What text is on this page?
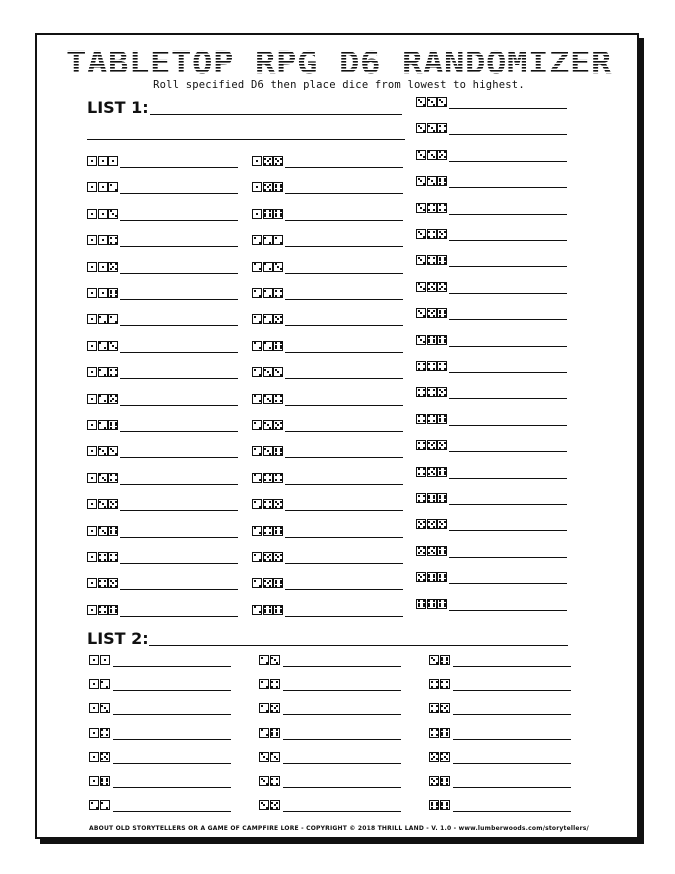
TABLETOP RPG D6 RANDOMIZER
Roll specified D6 then place dice from lowest to highest.
LIST 1:
LIST 2:
ABOUT OLD STORYTELLERS OR A GAME OF CAMPFIRE LORE - COPYRIGHT © 2018 THRILL LAND - V. 1.0 - www.lumberwoods.com/storytellers/
